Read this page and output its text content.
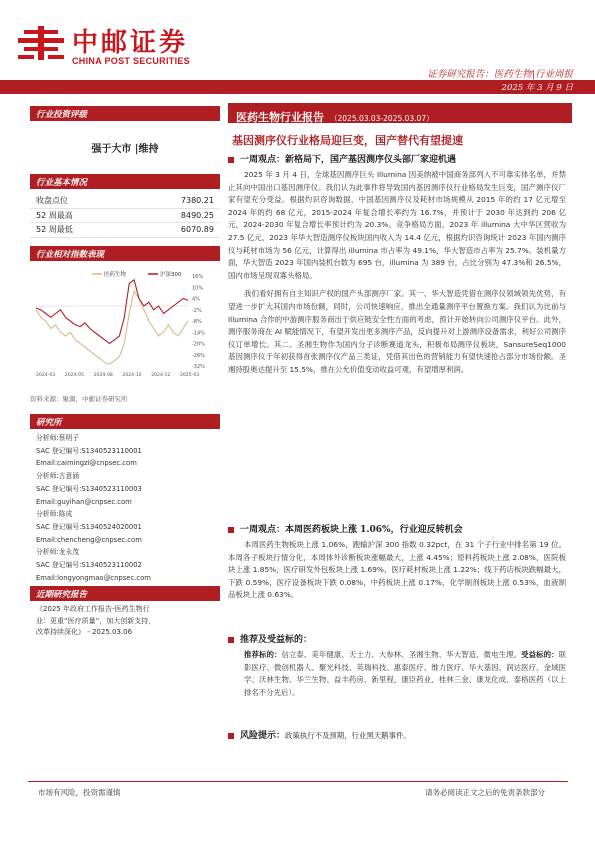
中邮证券
CHINA POST SECURITIES
证券研究报告：医药生物|行业周报
2025 年 3 月 9 日
行业投资评级
强于大市 |维持
行业基本情况
收盘点位	7380.21
52 周最高	8490.25
52 周最低	6070.89
行业相对指数表现
16%
10%
4%
-2%
-8%
-14%
-20%
-26%
-32%
2024-03 2024-05 2024-08 2024-10 2024-12 2025-03
医药生物	沪深300
资料来源：聚源，中邮证券研究所
研究所
分析师:蔡明子
SAC 登记编号:S1340523110001
Email:caimingzi@cnpsec.com
分析师:古意涵
SAC 登记编号:S1340523110003
Email:guyihan@cnpsec.com
分析师:陈成
SAC 登记编号:S1340524020001
Email:chencheng@cnpsec.com
分析师:龙永茂
SAC 登记编号:S1340523110002
Email:longyongmao@cnpsec.com
近期研究报告
《2025 年政府工作报告-医药生物行
业：更重“医疗质量”，加大创新支持，
改革持续深化》 - 2025.03.06
医药生物行业报告 （2025.03.03-2025.03.07）
基因测序仪行业格局迎巨变，国产替代有望提速
一周观点：新格局下，国产基因测序仪头部厂家迎机遇
2025 年 3 月 4 日，全球基因测序巨头 Illumina 因美纳被中国商务部列入不可靠实体名单，并禁止其向中国出口基因测序仪。我们认为此事件将导致国内基因测序仪行业格局发生巨变，国产测序仪厂家有望充分受益。根据灼识咨询数据，中国基因测序仪及耗材市场规模从 2015 年的约 17 亿元增至 2024 年的约 68 亿元，2015-2024 年复合增长率约为 16.7%，并预计于 2030 年达到约 206 亿元，2024-2030 年复合增长率预计约为 20.3%。竞争格局方面，2023 年 illumina 大中华区营收为 27.5 亿元，2023 年华大智造测序仪板块国内收入为 14.4 亿元，根据灼识咨询统计 2023 年国内测序仪与耗材市场为 56 亿元，计算得出 illumina 市占率为 49.1%，华大智造市占率为 25.7%。装机量方面，华大智造 2023 年国内装机台数为 695 台，illumina 为 389 台，占比分别为 47.3%和 26.5%，国内市场呈现双寡头格局。
我们看好拥有自主知识产权的国产头部测序厂家。其一、华大智造凭借在测序仪领域领先优势，有望进一步扩大其国内市场份额，同时，公司快速响应，推出全通量测序平台置换方案。我们认为比前与 Illumina 合作的中游测序服务商出于供应链安全性方面的考虑，预计开始转向公司测序仪平台。此外，测序服务商在 AI 赋能情况下，有望开发出更多测序产品，反向提升对上游测序设备需求，利好公司测序仪订单增长。其二、圣湘生物作为国内分子诊断赛道龙头，积极布局测序仪板块，SansureSeq1000 基因测序仪于年初获得首张测序仪产品三类证，凭借其出色的营销能力有望快速抢占部分市场份额。圣湘持股奥达提升至 15.5%，推在公允价值变动收益可观，有望增厚利润。
一周观点：本周医药板块上涨 1.06%，行业迎反转机会
本周医药生物板块上涨 1.06%，跑输沪深 300 指数 0.32pct，在 31 个子行业中排名第 19 位。本周各子板块行情分化，本周体外诊断板块涨幅最大，上涨 4.45%；原料药板块上涨 2.08%，医院板块上涨 1.85%，医疗研发外包板块上涨 1.69%，医疗耗材板块上涨 1.22%；线下药店板块跌幅最大，下跌 0.59%，医疗设备板块下跌 0.08%，中药板块上涨 0.17%，化学制剂板块上涨 0.53%，血液制品板块上涨 0.63%。
推荐及受益标的：
推荐标的：信立泰、美年健康、天士力、大参林、圣湘生物、华大智造、微电生理。受益标的：联影医疗、微创机器人、聚光科技、英瑞科技、惠泰医疗、维力医疗、华大基因、润达医疗、金域医学、沃林生物、华兰生物、益丰药房、新里程、康臣药业、桂林三金、康龙化成、泰格医药（以上排名不分先后）。
风险提示：政策执行不及预期，行业黑天鹅事件。
市场有风险，投资需谨慎	请务必阅读正文之后的免责条款部分
